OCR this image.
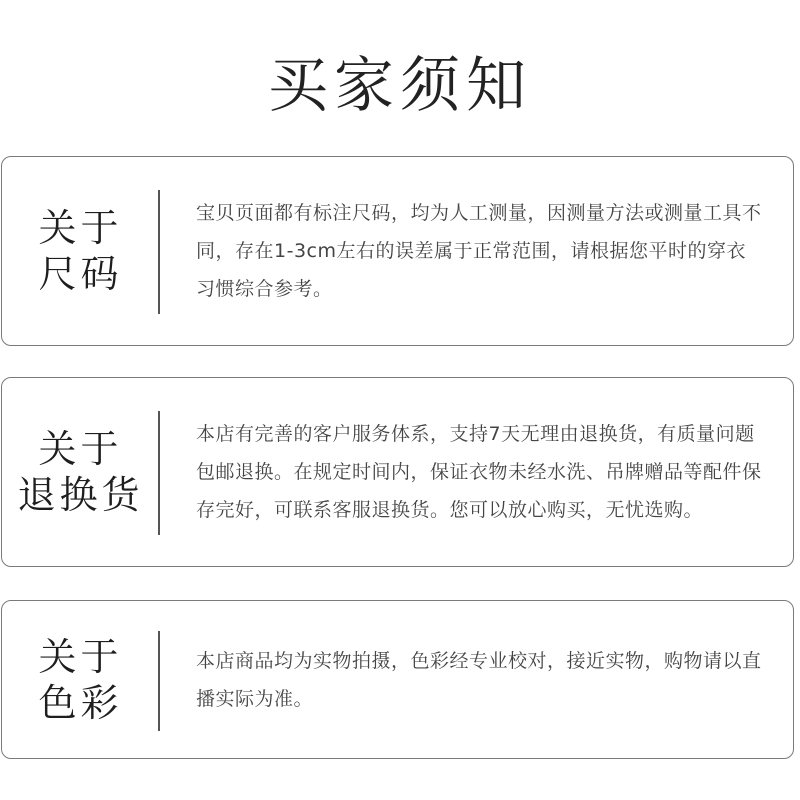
买家须知
关于
尺码

宝贝页面都有标注尺码，均为人工测量，因测量方法或测量工具不同，存在1-3cm左右的误差属于正常范围，请根据您平时的穿衣习惯综合参考。

关于
退换货

本店有完善的客户服务体系，支持7天无理由退换货，有质量问题包邮退换。在规定时间内，保证衣物未经水洗、吊牌赠品等配件保存完好，可联系客服退换货。您可以放心购买，无忧选购。

关于
色彩

本店商品均为实物拍摄，色彩经专业校对，接近实物，购物请以直播实际为准。
